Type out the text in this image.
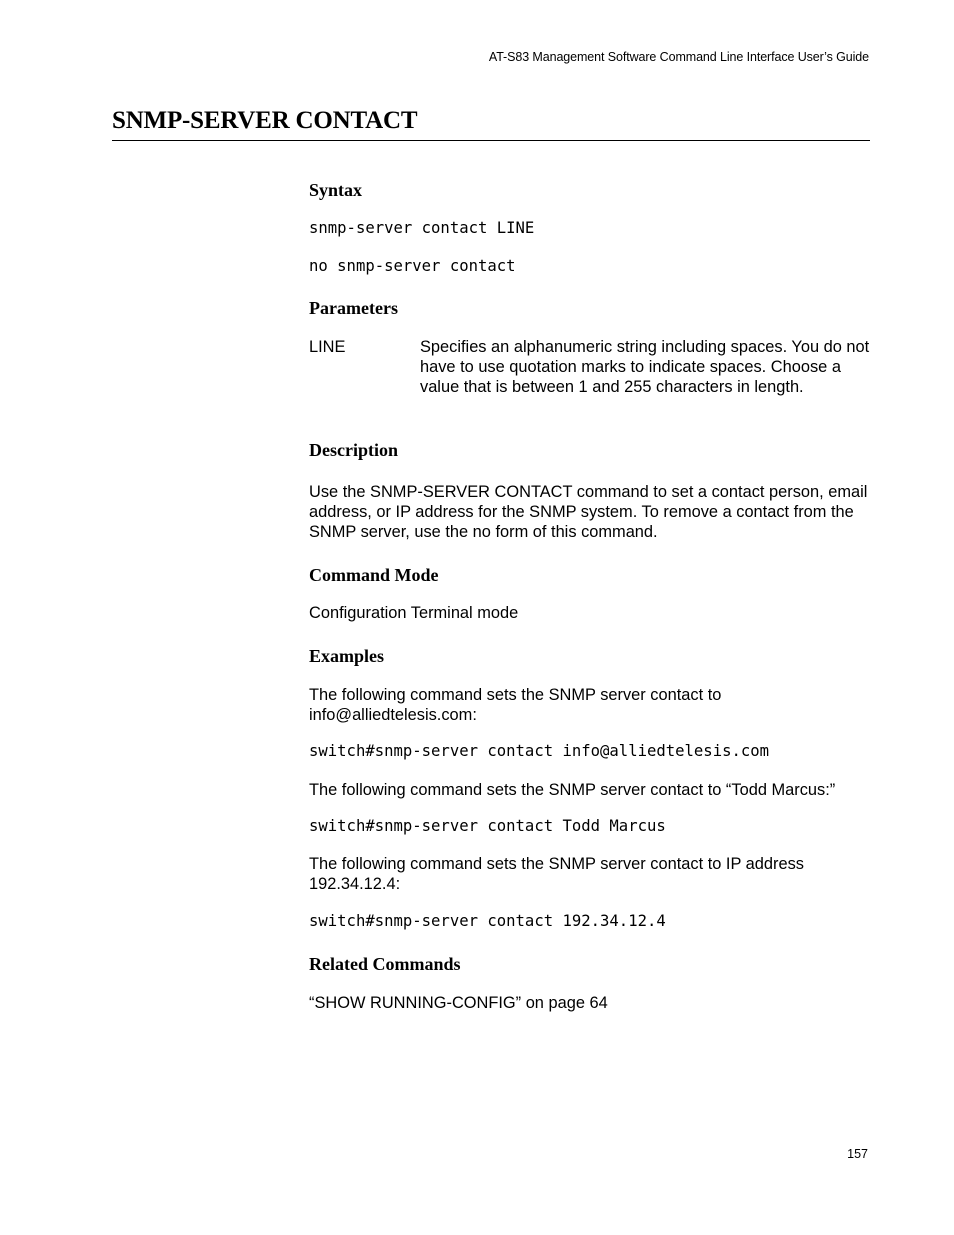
AT-S83 Management Software Command Line Interface User’s Guide
SNMP-SERVER CONTACT
Syntax
snmp-server contact LINE
no snmp-server contact
Parameters
LINE	Specifies an alphanumeric string including spaces. You do not have to use quotation marks to indicate spaces. Choose a value that is between 1 and 255 characters in length.
Description

Use the SNMP-SERVER CONTACT command to set a contact person, email address, or IP address for the SNMP system. To remove a contact from the SNMP server, use the no form of this command.

Command Mode

Configuration Terminal mode

Examples

The following command sets the SNMP server contact to info@alliedtelesis.com:

switch#snmp-server contact info@alliedtelesis.com

The following command sets the SNMP server contact to “Todd Marcus:”

switch#snmp-server contact Todd Marcus

The following command sets the SNMP server contact to IP address 192.34.12.4:

switch#snmp-server contact 192.34.12.4
Related Commands

“SHOW RUNNING-CONFIG” on page 64

157
